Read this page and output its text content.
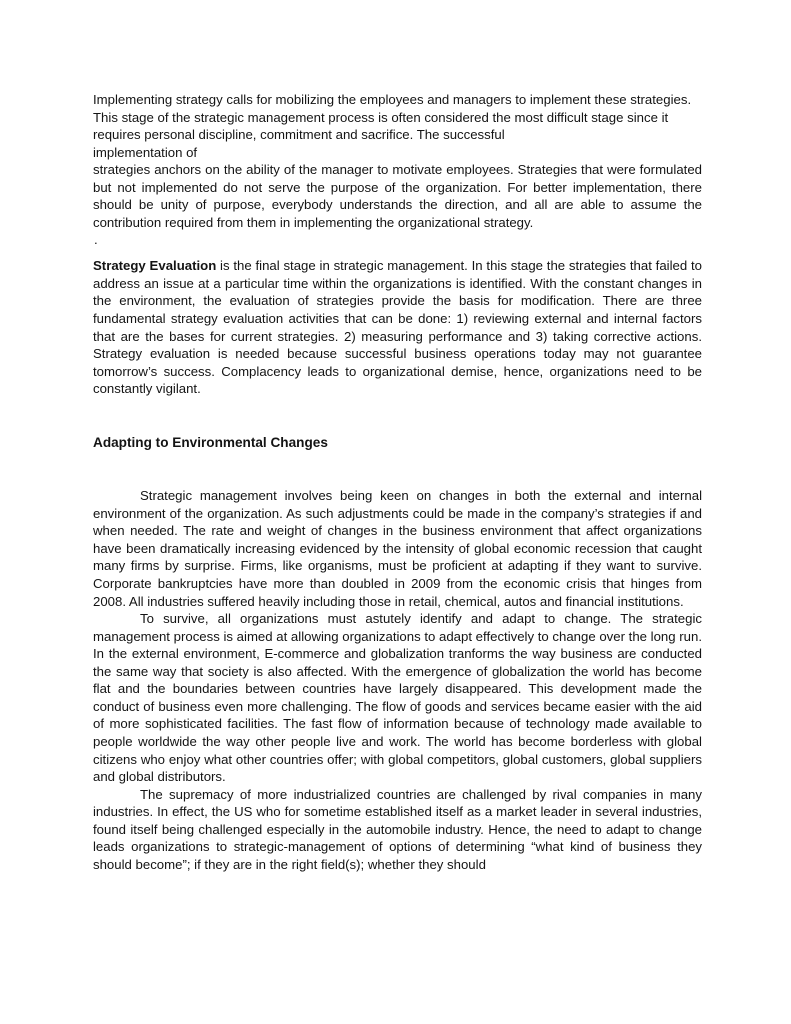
Implementing strategy calls for mobilizing the employees and managers to implement these strategies. This stage of the strategic management process is often considered the most difficult stage since it requires personal discipline, commitment and sacrifice. The successful
implementation of

strategies anchors on the ability of the manager to motivate employees. Strategies that were formulated but not implemented do not serve the purpose of the organization. For better implementation, there should be unity of purpose, everybody understands the direction, and all are able to assume the contribution required from them in implementing the organizational strategy.

.

Strategy Evaluation is the final stage in strategic management. In this stage the strategies that failed to address an issue at a particular time within the organizations is identified. With the constant changes in the environment, the evaluation of strategies provide the basis for modification. There are three fundamental strategy evaluation activities that can be done: 1) reviewing external and internal factors that are the bases for current strategies. 2) measuring performance and 3) taking corrective actions. Strategy evaluation is needed because successful business operations today may not guarantee tomorrow’s success. Complacency leads to organizational demise, hence, organizations need to be constantly vigilant.

Adapting to Environmental Changes

Strategic management involves being keen on changes in both the external and internal environment of the organization. As such adjustments could be made in the company’s strategies if and when needed. The rate and weight of changes in the business environment that affect organizations have been dramatically increasing evidenced by the intensity of global economic recession that caught many firms by surprise. Firms, like organisms, must be proficient at adapting if they want to survive. Corporate bankruptcies have more than doubled in 2009 from the economic crisis that hinges from 2008. All industries suffered heavily including those in retail, chemical, autos and financial institutions.

To survive, all organizations must astutely identify and adapt to change. The strategic management process is aimed at allowing organizations to adapt effectively to change over the long run. In the external environment, E-commerce and globalization tranforms the way business are conducted the same way that society is also affected. With the emergence of globalization the world has become flat and the boundaries between countries have largely disappeared. This development made the conduct of business even more challenging. The flow of goods and services became easier with the aid of more sophisticated facilities. The fast flow of information because of technology made available to people worldwide the way other people live and work. The world has become borderless with global citizens who enjoy what other countries offer; with global competitors, global customers, global suppliers and global distributors.

The supremacy of more industrialized countries are challenged by rival companies in many industries. In effect, the US who for sometime established itself as a market leader in several industries, found itself being challenged especially in the automobile industry. Hence, the need to adapt to change leads organizations to strategic-management of options of determining “what kind of business they should become”; if they are in the right field(s); whether they should
